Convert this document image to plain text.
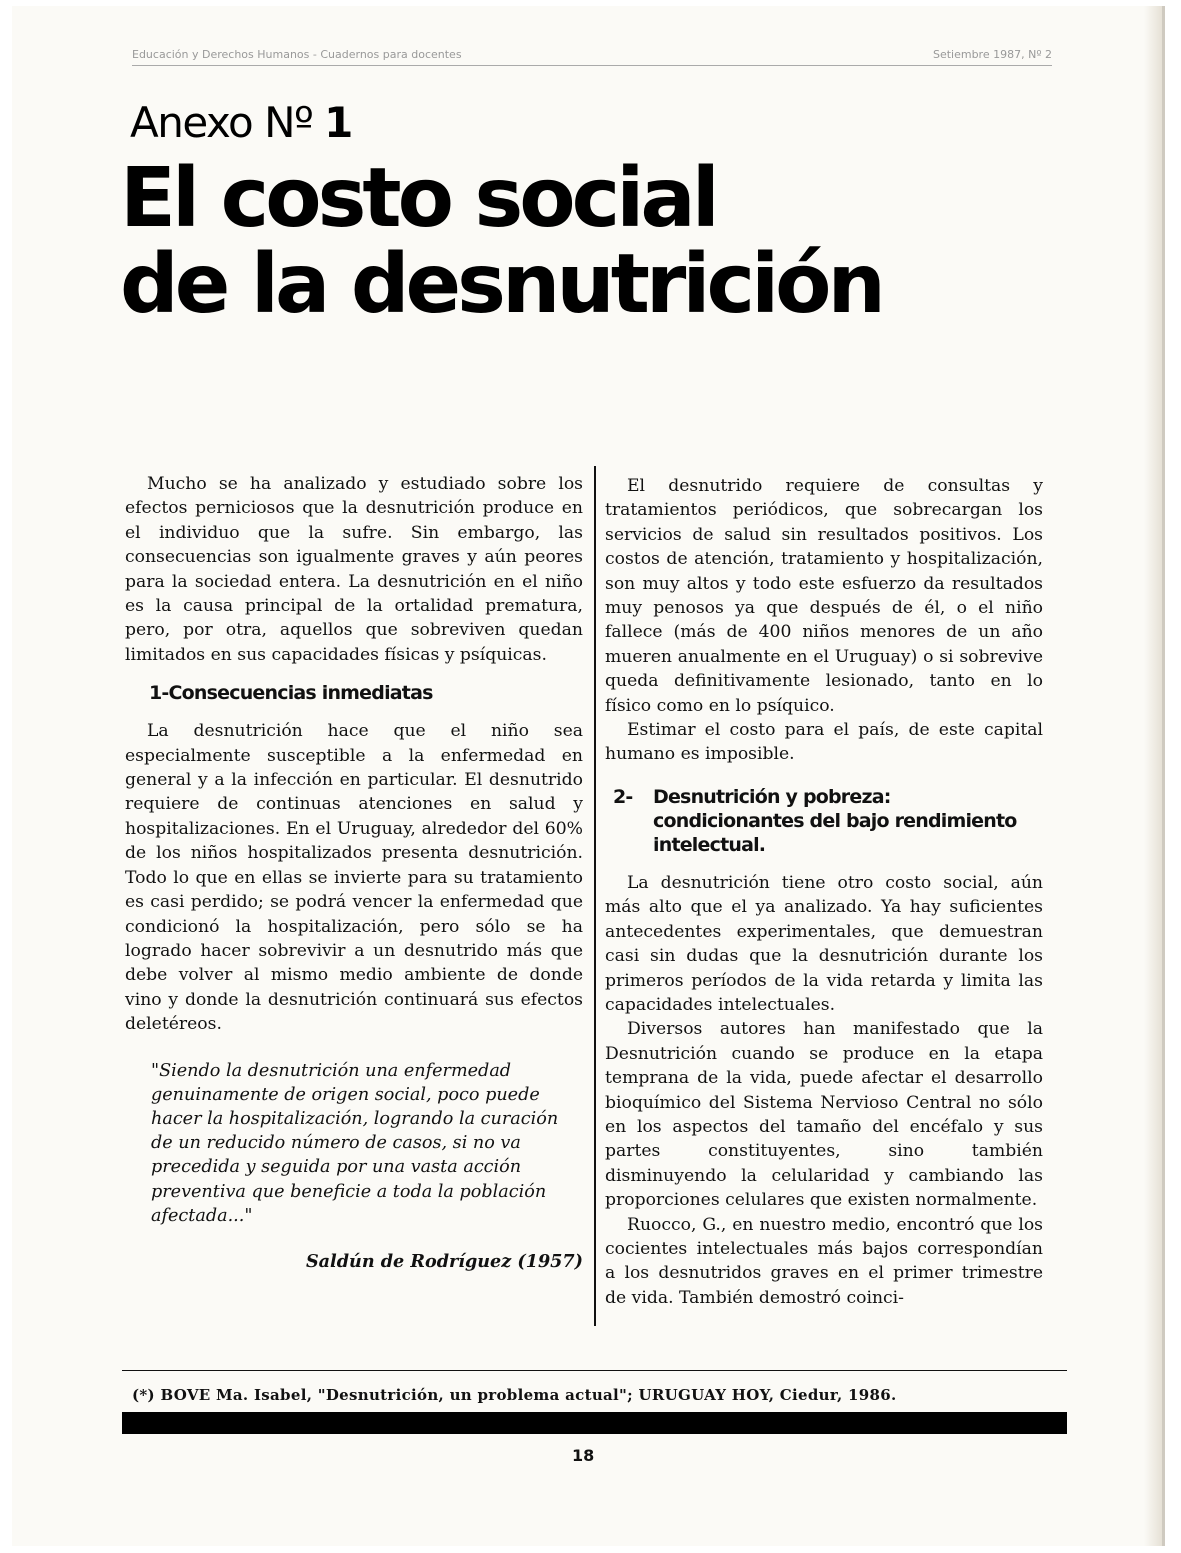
Educación y Derechos Humanos - Cuadernos para docentes	Setiembre 1987, Nº 2
Anexo Nº 1
El costo social
de la desnutrición

Mucho se ha analizado y estudiado sobre los efectos perniciosos que la desnutrición produce en el individuo que la sufre. Sin embargo, las consecuencias son igualmente graves y aún peores para la sociedad entera. La desnutrición en el niño es la causa principal de la ortalidad prematura, pero, por otra, aquellos que sobreviven quedan limitados en sus capacidades físicas y psíquicas.

1-Consecuencias inmediatas

La desnutrición hace que el niño sea especialmente susceptible a la enfermedad en general y a la infección en particular. El desnutrido requiere de continuas atenciones en salud y hospitalizaciones. En el Uruguay, alrededor del 60% de los niños hospitalizados presenta desnutrición. Todo lo que en ellas se invierte para su tratamiento es casi perdido; se podrá vencer la enfermedad que condicionó la hospitalización, pero sólo se ha logrado hacer sobrevivir a un desnutrido más que debe volver al mismo medio ambiente de donde vino y donde la desnutrición continuará sus efectos deletéreos.

"Siendo la desnutrición una enfermedad genuinamente de origen social, poco puede hacer la hospitalización, logrando la curación de un reducido número de casos, si no va precedida y seguida por una vasta acción preventiva que beneficie a toda la población afectada..."
Saldún de Rodríguez (1957)

El desnutrido requiere de consultas y tratamientos periódicos, que sobrecargan los servicios de salud sin resultados positivos. Los costos de atención, tratamiento y hospitalización, son muy altos y todo este esfuerzo da resultados muy penosos ya que después de él, o el niño fallece (más de 400 niños menores de un año mueren anualmente en el Uruguay) o si sobrevive queda definitivamente lesionado, tanto en lo físico como en lo psíquico.

Estimar el costo para el país, de este capital humano es imposible.

2-	Desnutrición y pobreza: condicionantes del bajo rendimiento intelectual.

La desnutrición tiene otro costo social, aún más alto que el ya analizado. Ya hay suficientes antecedentes experimentales, que demuestran casi sin dudas que la desnutrición durante los primeros períodos de la vida retarda y limita las capacidades intelectuales.

Diversos autores han manifestado que la Desnutrición cuando se produce en la etapa temprana de la vida, puede afectar el desarrollo bioquímico del Sistema Nervioso Central no sólo en los aspectos del tamaño del encéfalo y sus partes constituyentes, sino también disminuyendo la celularidad y cambiando las proporciones celulares que existen normalmente.

Ruocco, G., en nuestro medio, encontró que los cocientes intelectuales más bajos correspondían a los desnutridos graves en el primer trimestre de vida. También demostró coinci-

(*) BOVE Ma. Isabel, "Desnutrición, un problema actual"; URUGUAY HOY, Ciedur, 1986.
18
